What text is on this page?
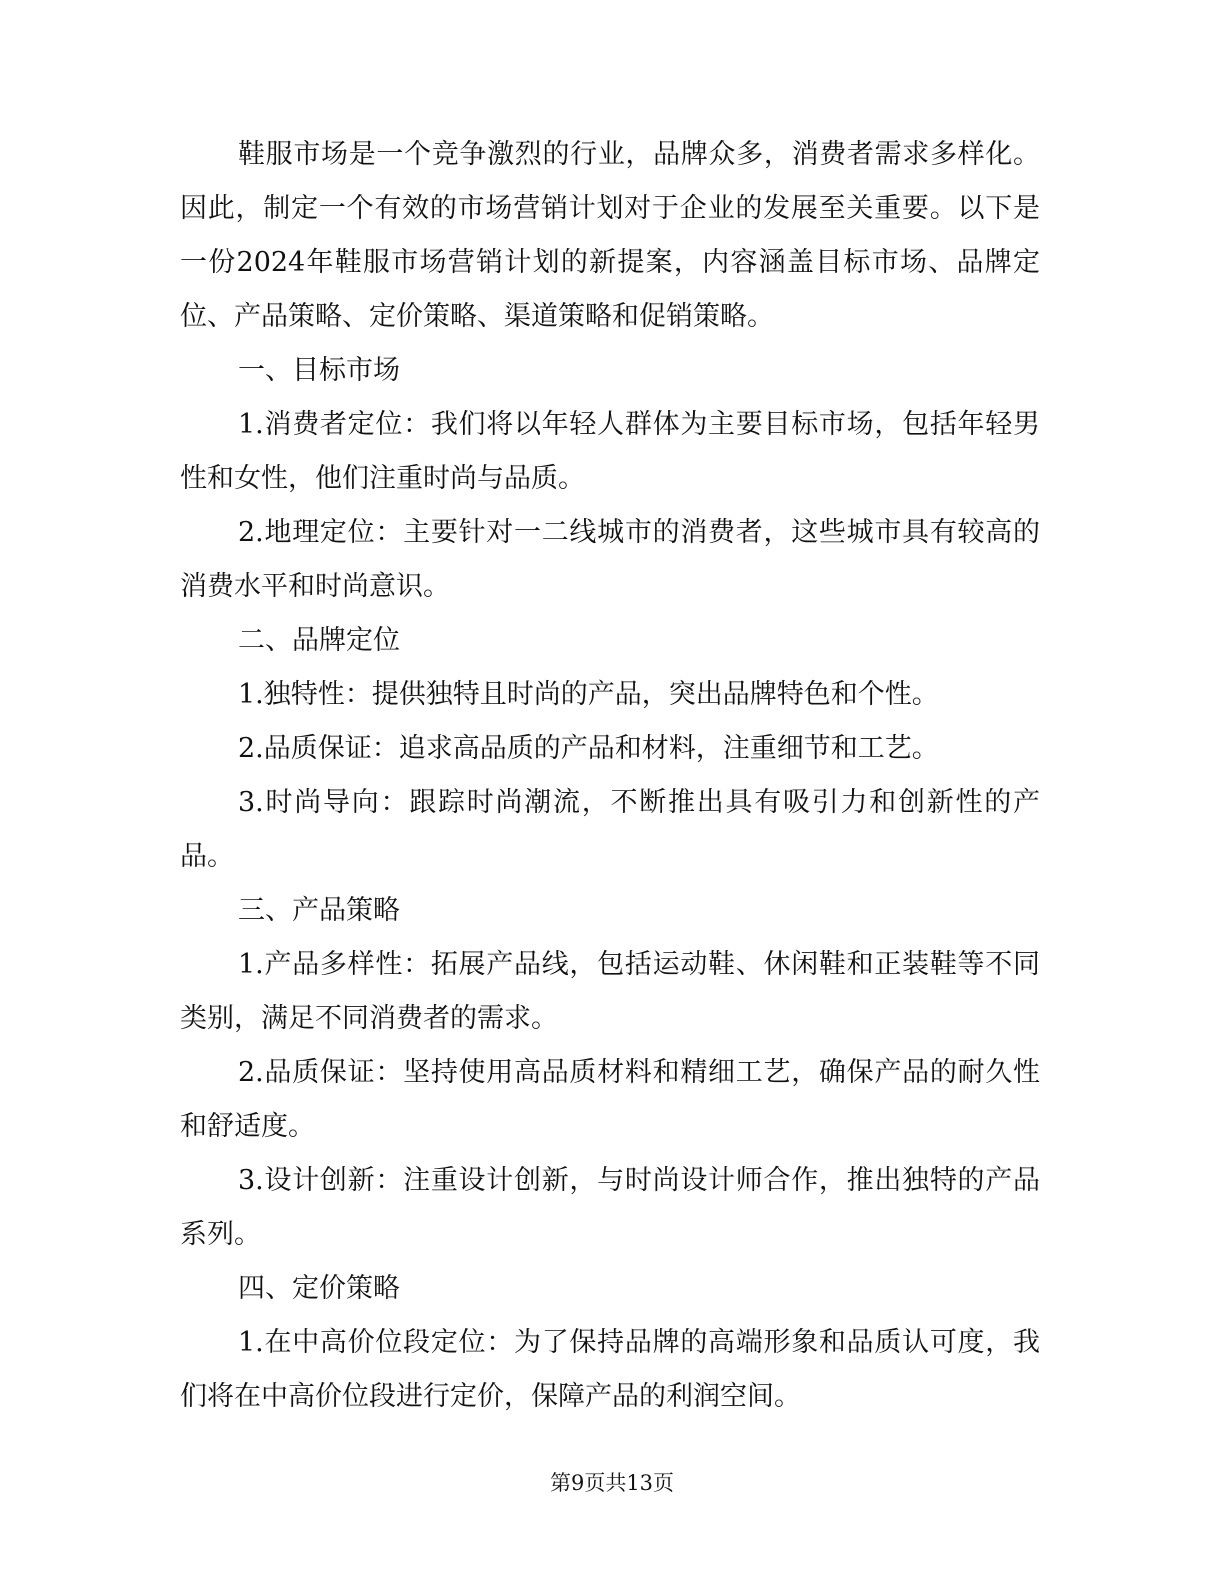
鞋服市场是一个竞争激烈的行业，品牌众多，消费者需求多样化。因此，制定一个有效的市场营销计划对于企业的发展至关重要。以下是一份2024年鞋服市场营销计划的新提案，内容涵盖目标市场、品牌定位、产品策略、定价策略、渠道策略和促销策略。

一、目标市场

1.消费者定位：我们将以年轻人群体为主要目标市场，包括年轻男性和女性，他们注重时尚与品质。

2.地理定位：主要针对一二线城市的消费者，这些城市具有较高的消费水平和时尚意识。

二、品牌定位

1.独特性：提供独特且时尚的产品，突出品牌特色和个性。

2.品质保证：追求高品质的产品和材料，注重细节和工艺。

3.时尚导向：跟踪时尚潮流，不断推出具有吸引力和创新性的产品。

三、产品策略

1.产品多样性：拓展产品线，包括运动鞋、休闲鞋和正装鞋等不同类别，满足不同消费者的需求。

2.品质保证：坚持使用高品质材料和精细工艺，确保产品的耐久性和舒适度。

3.设计创新：注重设计创新，与时尚设计师合作，推出独特的产品系列。

四、定价策略

1.在中高价位段定位：为了保持品牌的高端形象和品质认可度，我们将在中高价位段进行定价，保障产品的利润空间。

第9页共13页
